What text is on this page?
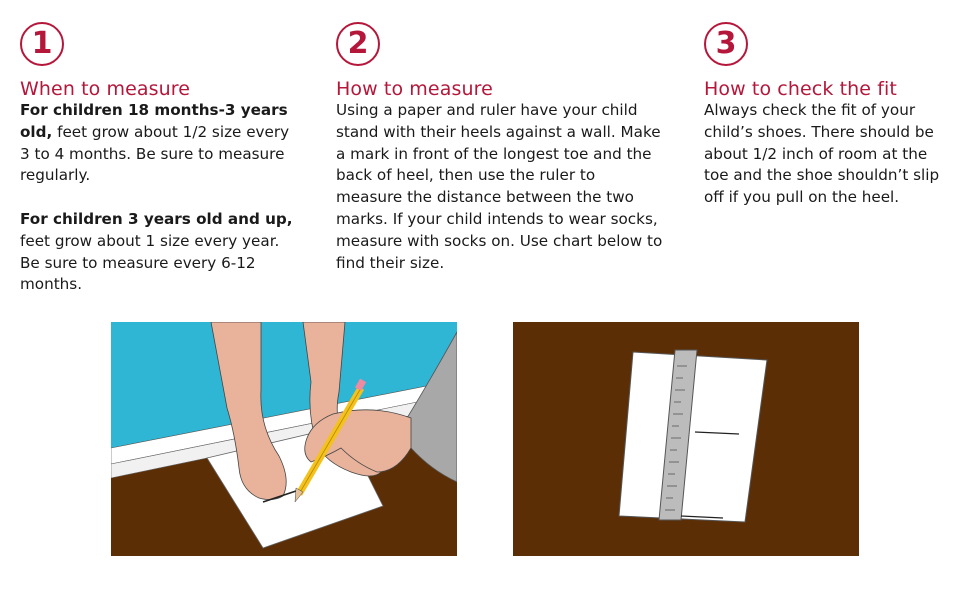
1
When to measure

For children 18 months-3 years old, feet grow about 1/2 size every 3 to 4 months. Be sure to measure regularly.

For children 3 years old and up, feet grow about 1 size every year. Be sure to measure every 6-12 months.

2
How to measure

Using a paper and ruler have your child stand with their heels against a wall. Make a mark in front of the longest toe and the back of heel, then use the ruler to measure the distance between the two marks. If your child intends to wear socks, measure with socks on. Use chart below to find their size.

3
How to check the fit

Always check the fit of your child’s shoes. There should be about 1/2 inch of room at the toe and the shoe shouldn’t slip off if you pull on the heel.
